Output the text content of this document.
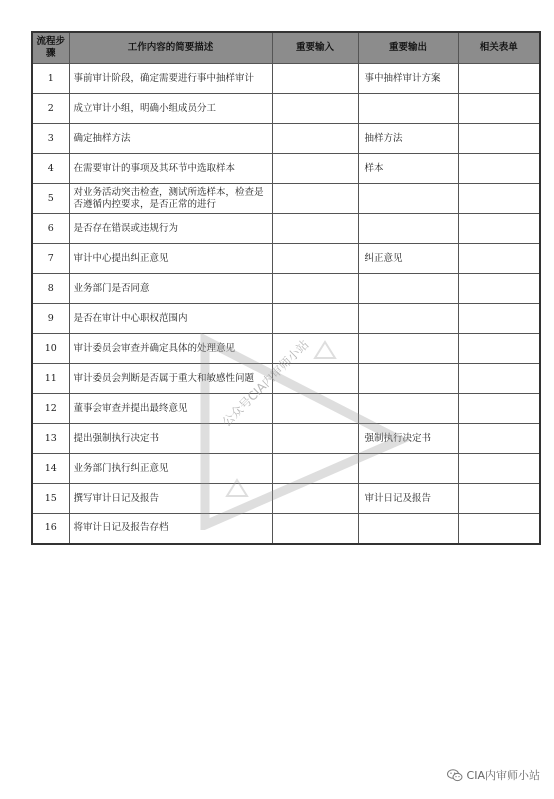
流程步骤	工作内容的简要描述	重要输入	重要输出	相关表单
1	事前审计阶段，确定需要进行事中抽样审计		事中抽样审计方案	
2	成立审计小组，明确小组成员分工			
3	确定抽样方法		抽样方法	
4	在需要审计的事项及其环节中选取样本		样本	
5	对业务活动突击检查，测试所选样本，检查是否遵循内控要求，是否正常的进行			
6	是否存在错误或违规行为			
7	审计中心提出纠正意见		纠正意见	
8	业务部门是否同意			
9	是否在审计中心职权范围内			
10	审计委员会审查并确定具体的处理意见			
11	审计委员会判断是否属于重大和敏感性问题			
12	董事会审查并提出最终意见			
13	提出强制执行决定书		强制执行决定书	
14	业务部门执行纠正意见			
15	撰写审计日记及报告		审计日记及报告	
16	将审计日记及报告存档			
公众号CIA内审师小站
CIA内审师小站
